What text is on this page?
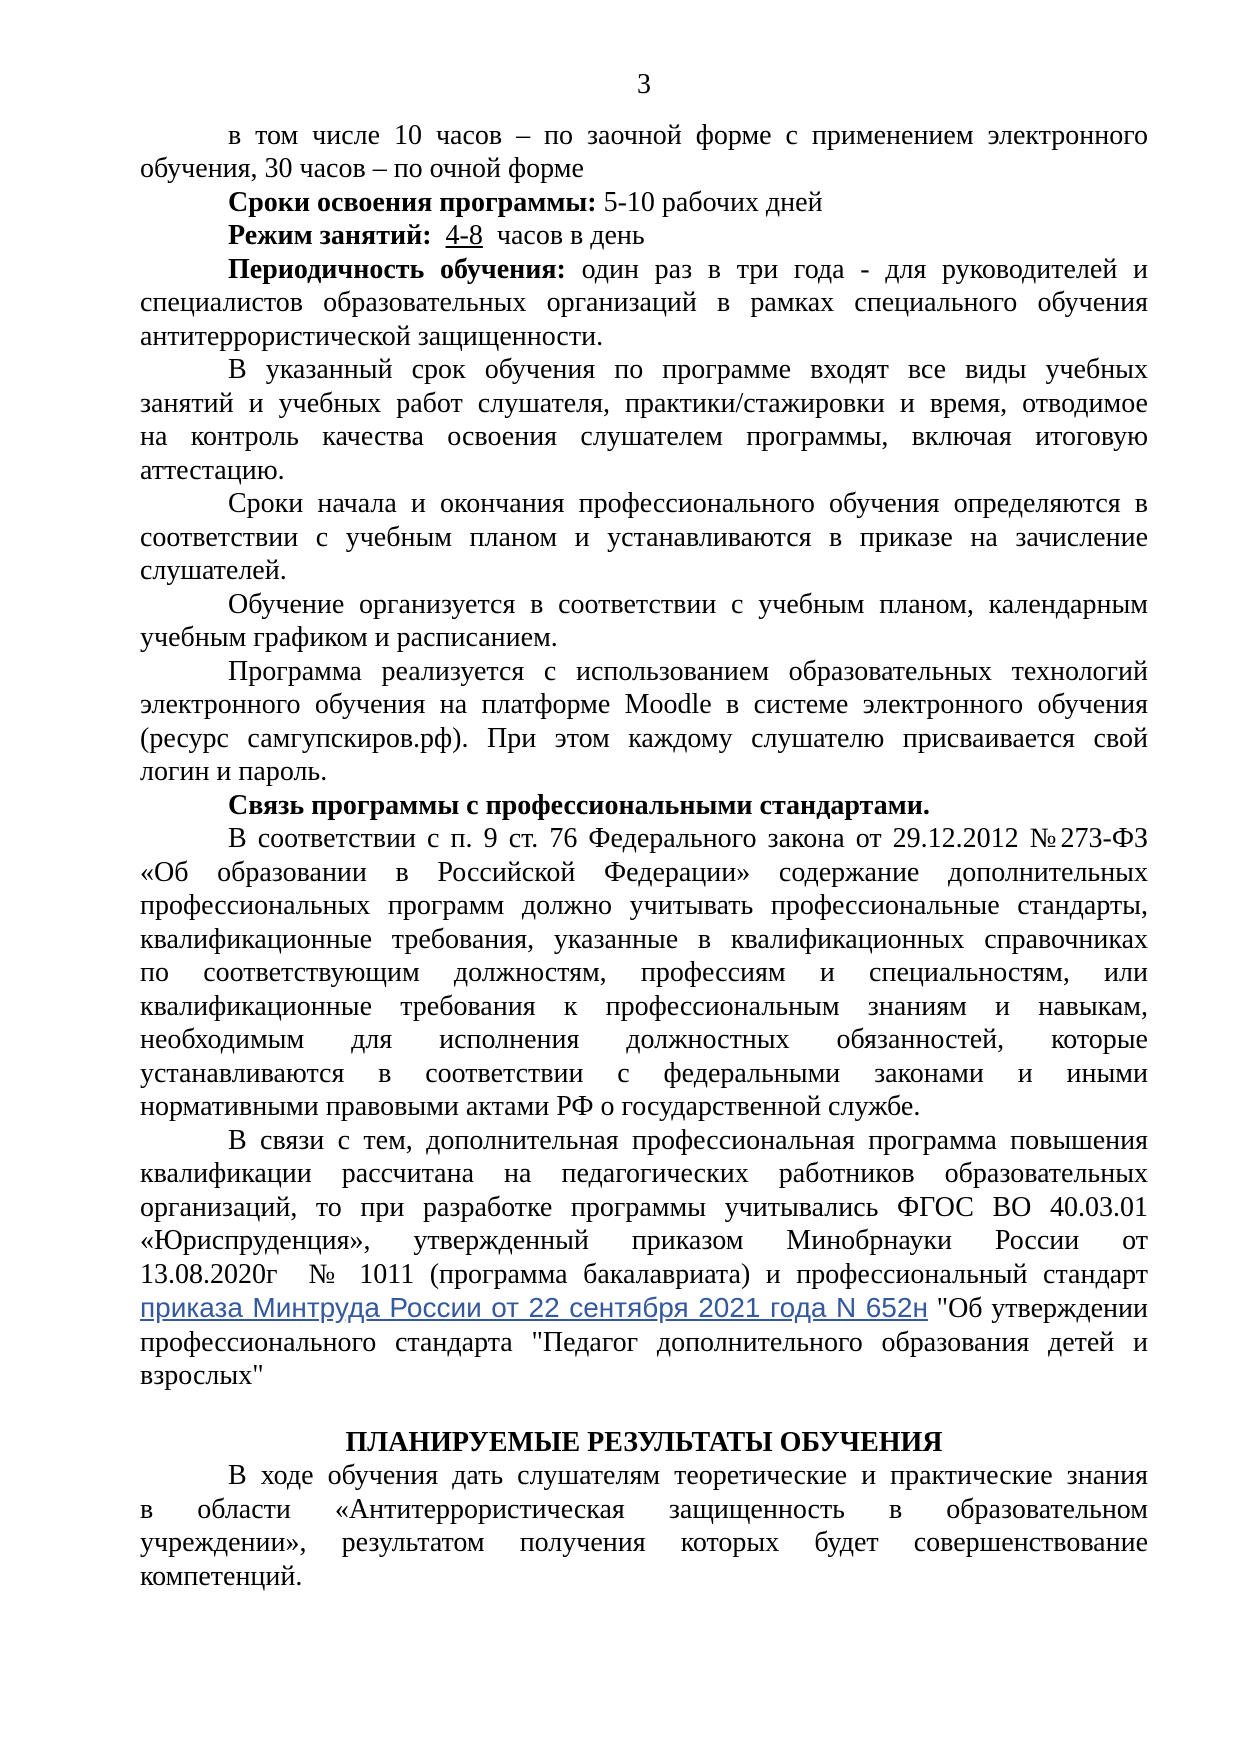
3
в том числе 10 часов – по заочной форме с применением электронного
обучения, 30 часов – по очной форме
Сроки освоения программы: 5-10 рабочих дней
Режим занятий: 4-8  часов в день
Периодичность обучения: один раз в три года - для руководителей и
специалистов образовательных организаций в рамках специального обучения
антитеррористической защищенности.
В указанный срок обучения по программе входят все виды учебных
занятий и учебных работ слушателя, практики/стажировки и время, отводимое
на контроль качества освоения слушателем программы, включая итоговую
аттестацию.
Сроки начала и окончания профессионального обучения определяются в
соответствии с учебным планом и устанавливаются в приказе на зачисление
слушателей.
Обучение организуется в соответствии с учебным планом, календарным
учебным графиком и расписанием.
Программа реализуется с использованием образовательных технологий
электронного обучения на платформе Moodle в системе электронного обучения
(ресурс самгупскиров.рф). При этом каждому слушателю присваивается свой
логин и пароль.
Связь программы с профессиональными стандартами.
В соответствии с п. 9 ст. 76 Федерального закона от 29.12.2012 №273-ФЗ
«Об образовании в Российской Федерации» содержание дополнительных
профессиональных программ должно учитывать профессиональные стандарты,
квалификационные требования, указанные в квалификационных справочниках
по соответствующим должностям, профессиям и специальностям, или
квалификационные требования к профессиональным знаниям и навыкам,
необходимым для исполнения должностных обязанностей, которые
устанавливаются в соответствии с федеральными законами и иными
нормативными правовыми актами РФ о государственной службе.
В связи с тем, дополнительная профессиональная программа повышения
квалификации рассчитана на педагогических работников образовательных
организаций, то при разработке программы учитывались ФГОС ВО 40.03.01
«Юриспруденция», утвержденный приказом Минобрнауки России от
13.08.2020г  № 1011 (программа бакалавриата) и профессиональный стандарт
приказа Минтруда России от 22 сентября 2021 года N 652н "Об утверждении
профессионального стандарта "Педагог дополнительного образования детей и
взрослых"
ПЛАНИРУЕМЫЕ РЕЗУЛЬТАТЫ ОБУЧЕНИЯ
В ходе обучения дать слушателям теоретические и практические знания
в области «Антитеррористическая защищенность в образовательном
учреждении», результатом получения которых будет совершенствование
компетенций.
